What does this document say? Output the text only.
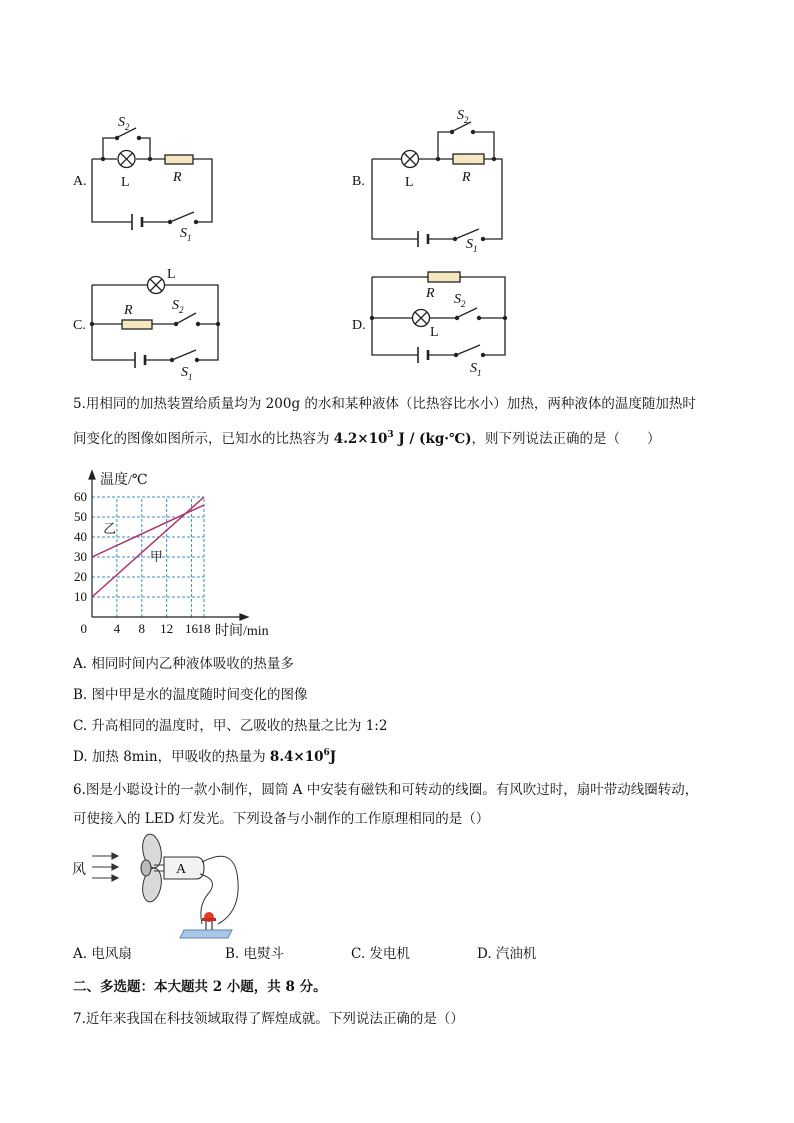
A.
$S_2$
L	R
$S_1$
B.
$S_2$
L	R
$S_1$
C.
L
R	$S_2$
$S_1$
D.
R $S_2$
L
$S_1$
5.用相同的加热装置给质量均为 200g 的水和某种液体（比热容比水小）加热，两种液体的温度随加热时
间变化的图像如图所示，已知水的比热容为 $4.2\times 10^3$ J / (kg·℃)，则下列说法正确的是（　　）
甲
乙
4 8 12 16 18
10
20
30
40
50
60
温度/℃
时间/min
0
A. 相同时间内乙种液体吸收的热量多
B. 图中甲是水的温度随时间变化的图像
C. 升高相同的温度时，甲、乙吸收的热量之比为 1:2
D. 加热 8min，甲吸收的热量为 $8.4\times 10^6J$
6.图是小聪设计的一款小制作，圆筒 A 中安装有磁铁和可转动的线圈。有风吹过时，扇叶带动线圈转动，
可使接入的 LED 灯发光。下列设备与小制作的工作原理相同的是（）
风	A
A. 电风扇	B. 电熨斗	C. 发电机	D. 汽油机
二、多选题：本大题共 2 小题，共 8 分。
7.近年来我国在科技领域取得了辉煌成就。下列说法正确的是（）
